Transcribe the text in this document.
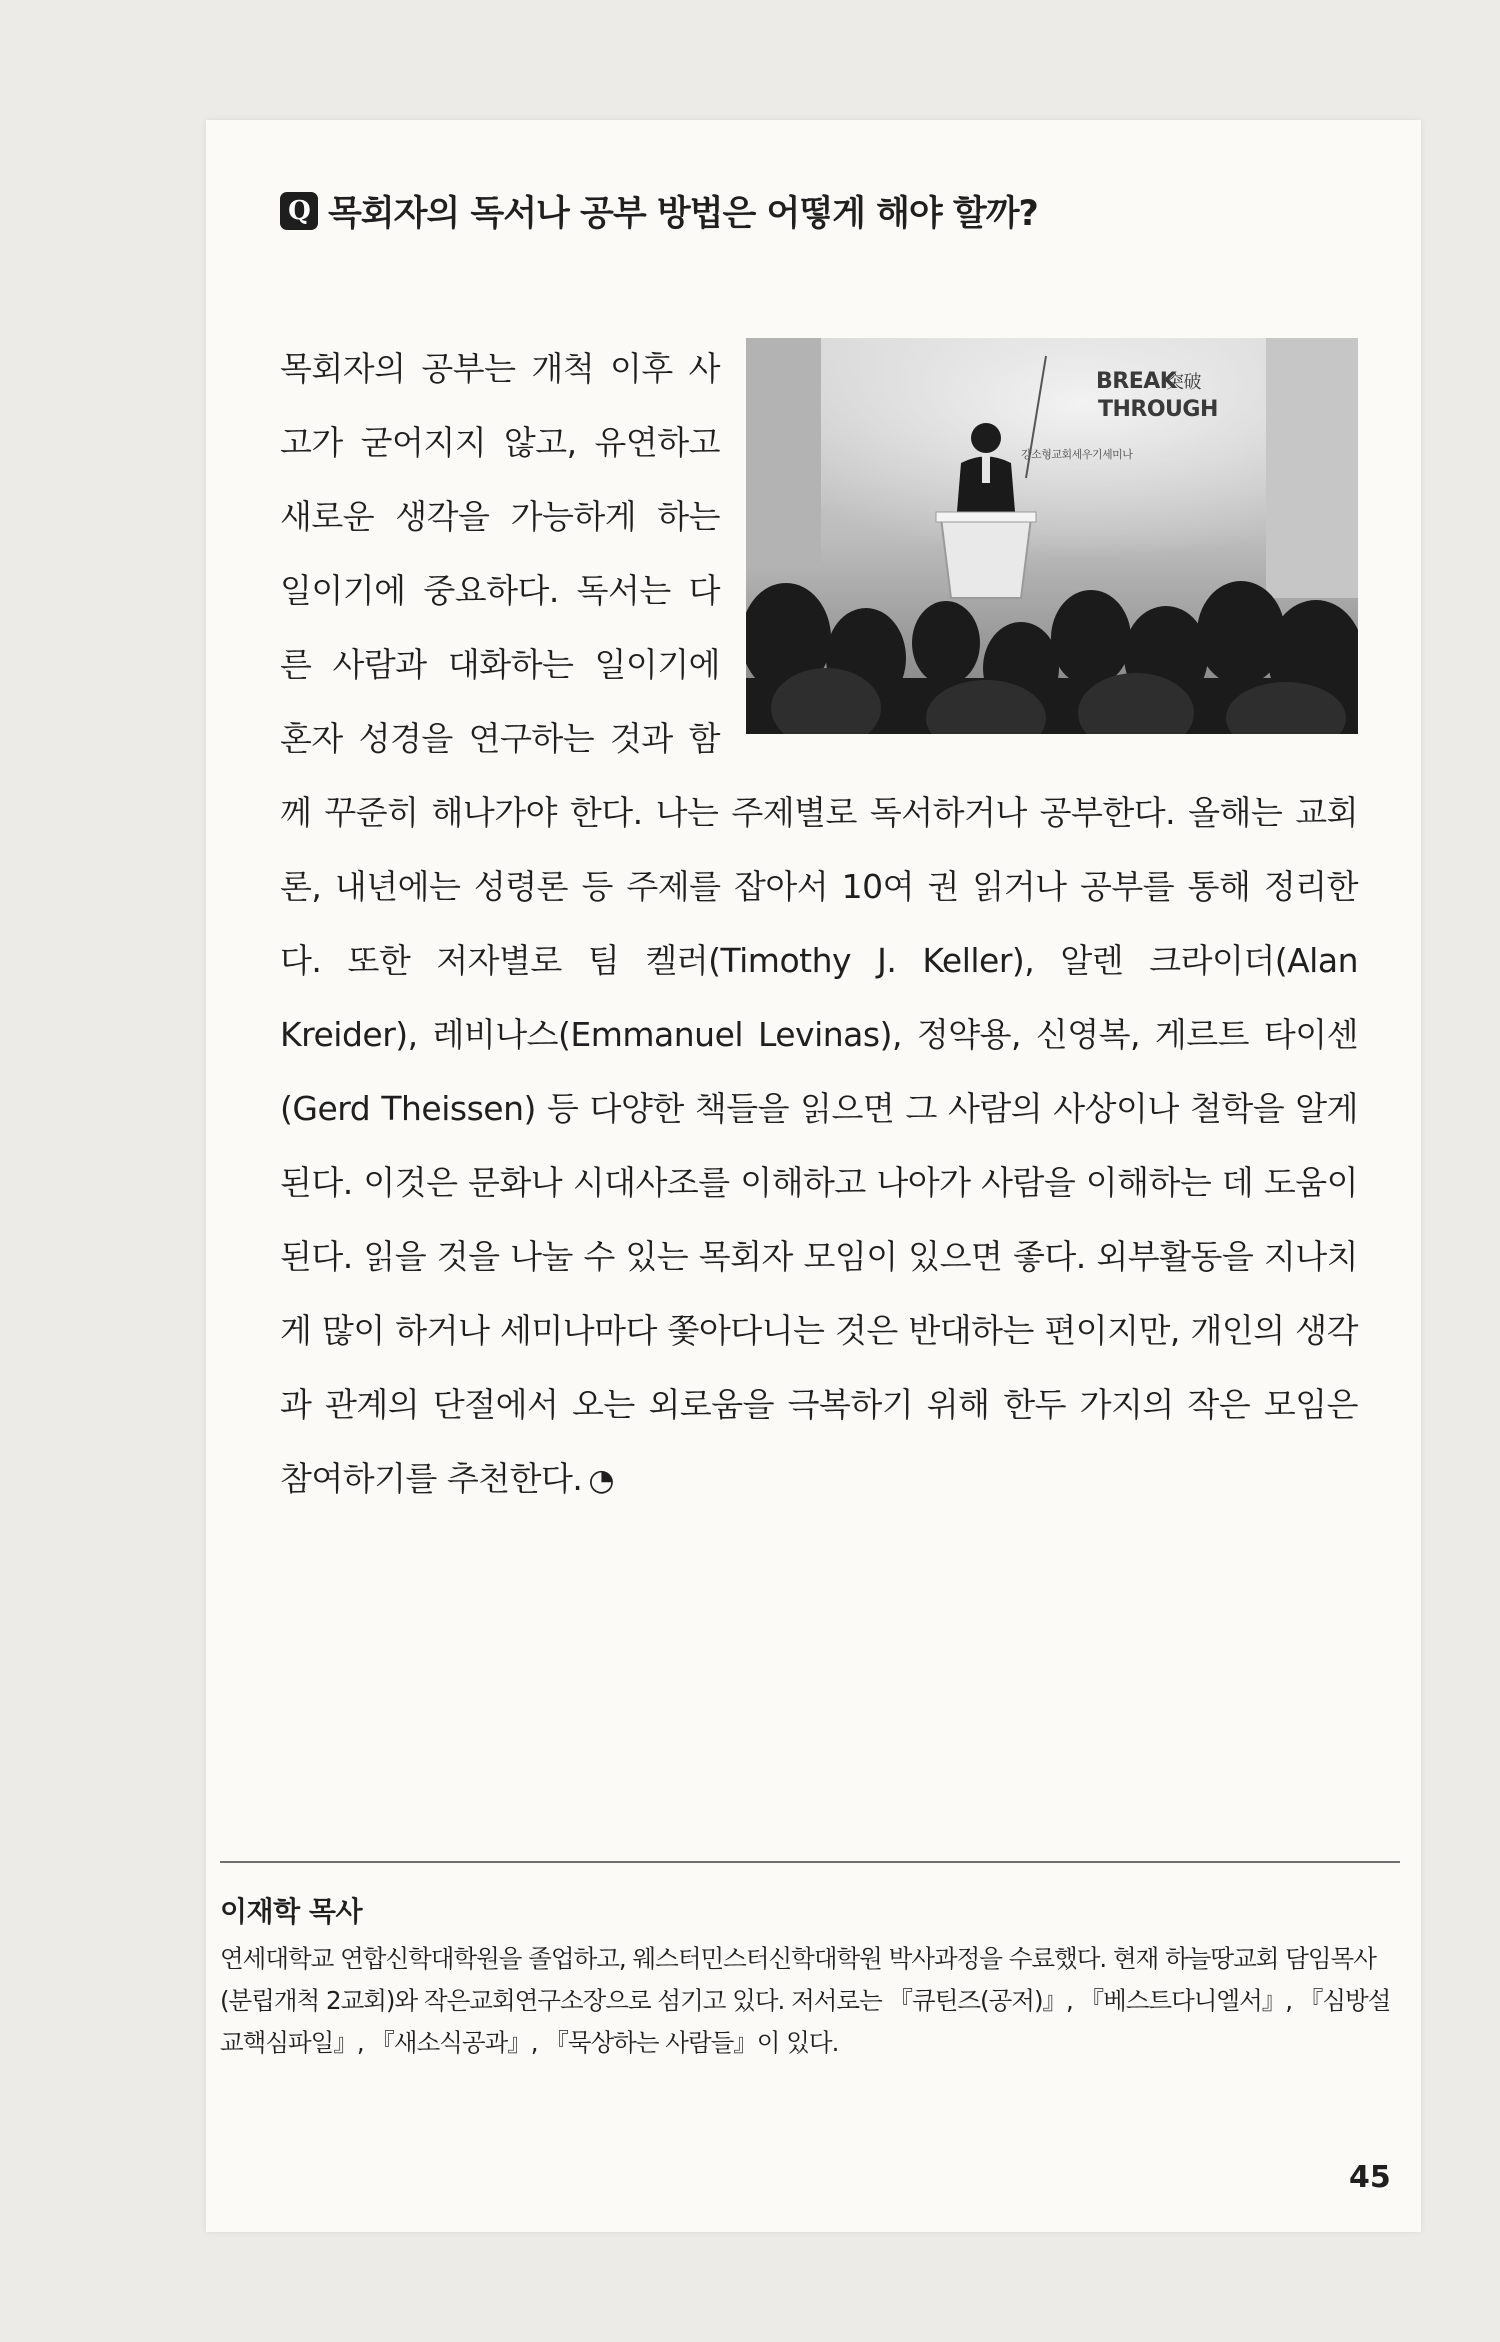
Q 목회자의 독서나 공부 방법은 어떻게 해야 할까?

BREAK
THROUGH
突破
강소형교회세우기세미나
목회자의 공부는 개척 이후 사고가 굳어지지 않고, 유연하고 새로운 생각을 가능하게 하는 일이기에 중요하다. 독서는 다른 사람과 대화하는 일이기에 혼자 성경을 연구하는 것과 함께 꾸준히 해나가야 한다. 나는 주제별로 독서하거나 공부한다. 올해는 교회론, 내년에는 성령론 등 주제를 잡아서 10여 권 읽거나 공부를 통해 정리한다. 또한 저자별로 팀 켈러(Timothy J. Keller), 알렌 크라이더(Alan Kreider), 레비나스(Emmanuel Levinas), 정약용, 신영복, 게르트 타이센(Gerd Theissen) 등 다양한 책들을 읽으면 그 사람의 사상이나 철학을 알게 된다. 이것은 문화나 시대사조를 이해하고 나아가 사람을 이해하는 데 도움이 된다. 읽을 것을 나눌 수 있는 목회자 모임이 있으면 좋다. 외부활동을 지나치게 많이 하거나 세미나마다 쫓아다니는 것은 반대하는 편이지만, 개인의 생각과 관계의 단절에서 오는 외로움을 극복하기 위해 한두 가지의 작은 모임은 참여하기를 추천한다. ◔

이재학 목사

연세대학교 연합신학대학원을 졸업하고, 웨스터민스터신학대학원 박사과정을 수료했다. 현재 하늘땅교회 담임목사(분립개척 2교회)와 작은교회연구소장으로 섬기고 있다. 저서로는 『큐틴즈(공저)』, 『베스트다니엘서』, 『심방설교핵심파일』, 『새소식공과』, 『묵상하는 사람들』이 있다.

45
